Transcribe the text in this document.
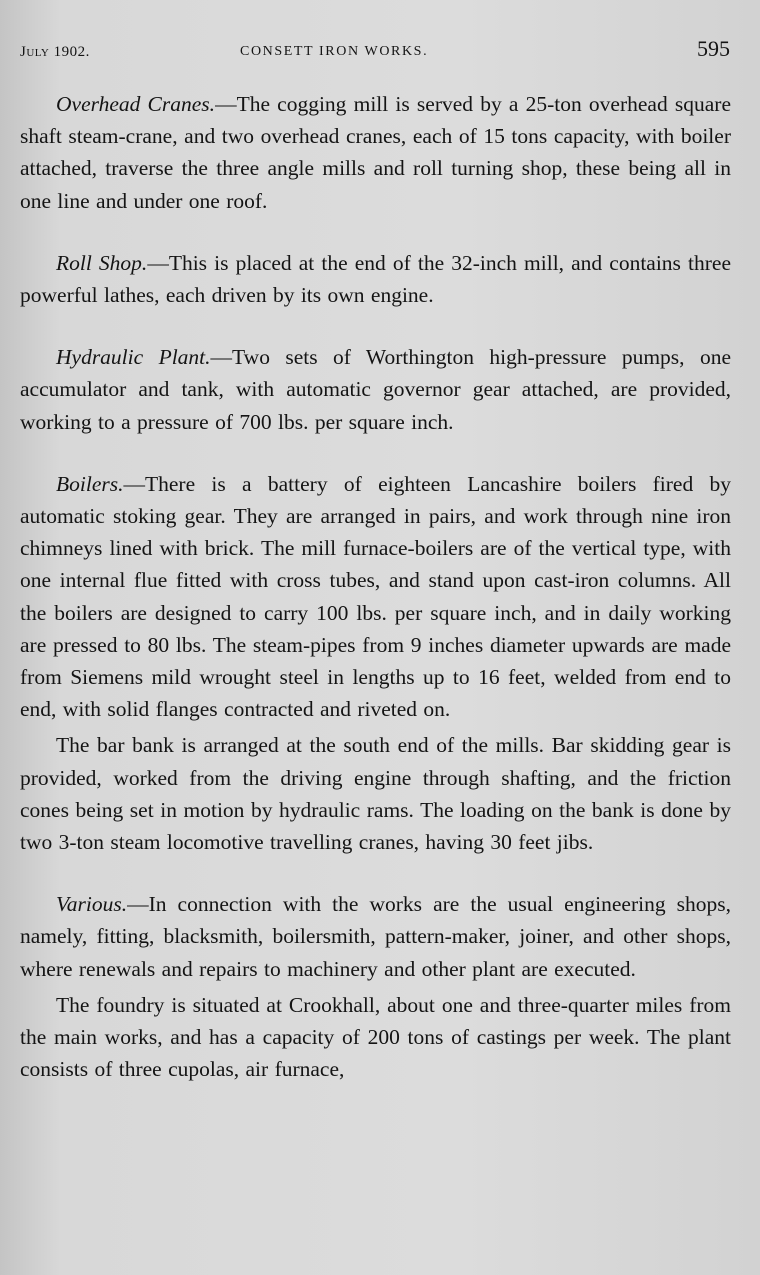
July 1902.	CONSETT IRON WORKS.	595

Overhead Cranes.—The cogging mill is served by a 25-ton overhead square shaft steam-crane, and two overhead cranes, each of 15 tons capacity, with boiler attached, traverse the three angle mills and roll turning shop, these being all in one line and under one roof.

Roll Shop.—This is placed at the end of the 32-inch mill, and contains three powerful lathes, each driven by its own engine.

Hydraulic Plant.—Two sets of Worthington high-pressure pumps, one accumulator and tank, with automatic governor gear attached, are provided, working to a pressure of 700 lbs. per square inch.

Boilers.—There is a battery of eighteen Lancashire boilers fired by automatic stoking gear. They are arranged in pairs, and work through nine iron chimneys lined with brick. The mill furnace-boilers are of the vertical type, with one internal flue fitted with cross tubes, and stand upon cast-iron columns. All the boilers are designed to carry 100 lbs. per square inch, and in daily working are pressed to 80 lbs. The steam-pipes from 9 inches diameter upwards are made from Siemens mild wrought steel in lengths up to 16 feet, welded from end to end, with solid flanges contracted and riveted on.

The bar bank is arranged at the south end of the mills. Bar skidding gear is provided, worked from the driving engine through shafting, and the friction cones being set in motion by hydraulic rams. The loading on the bank is done by two 3-ton steam locomotive travelling cranes, having 30 feet jibs.

Various.—In connection with the works are the usual engineering shops, namely, fitting, blacksmith, boilersmith, pattern-maker, joiner, and other shops, where renewals and repairs to machinery and other plant are executed.

The foundry is situated at Crookhall, about one and three-quarter miles from the main works, and has a capacity of 200 tons of castings per week. The plant consists of three cupolas, air furnace,
